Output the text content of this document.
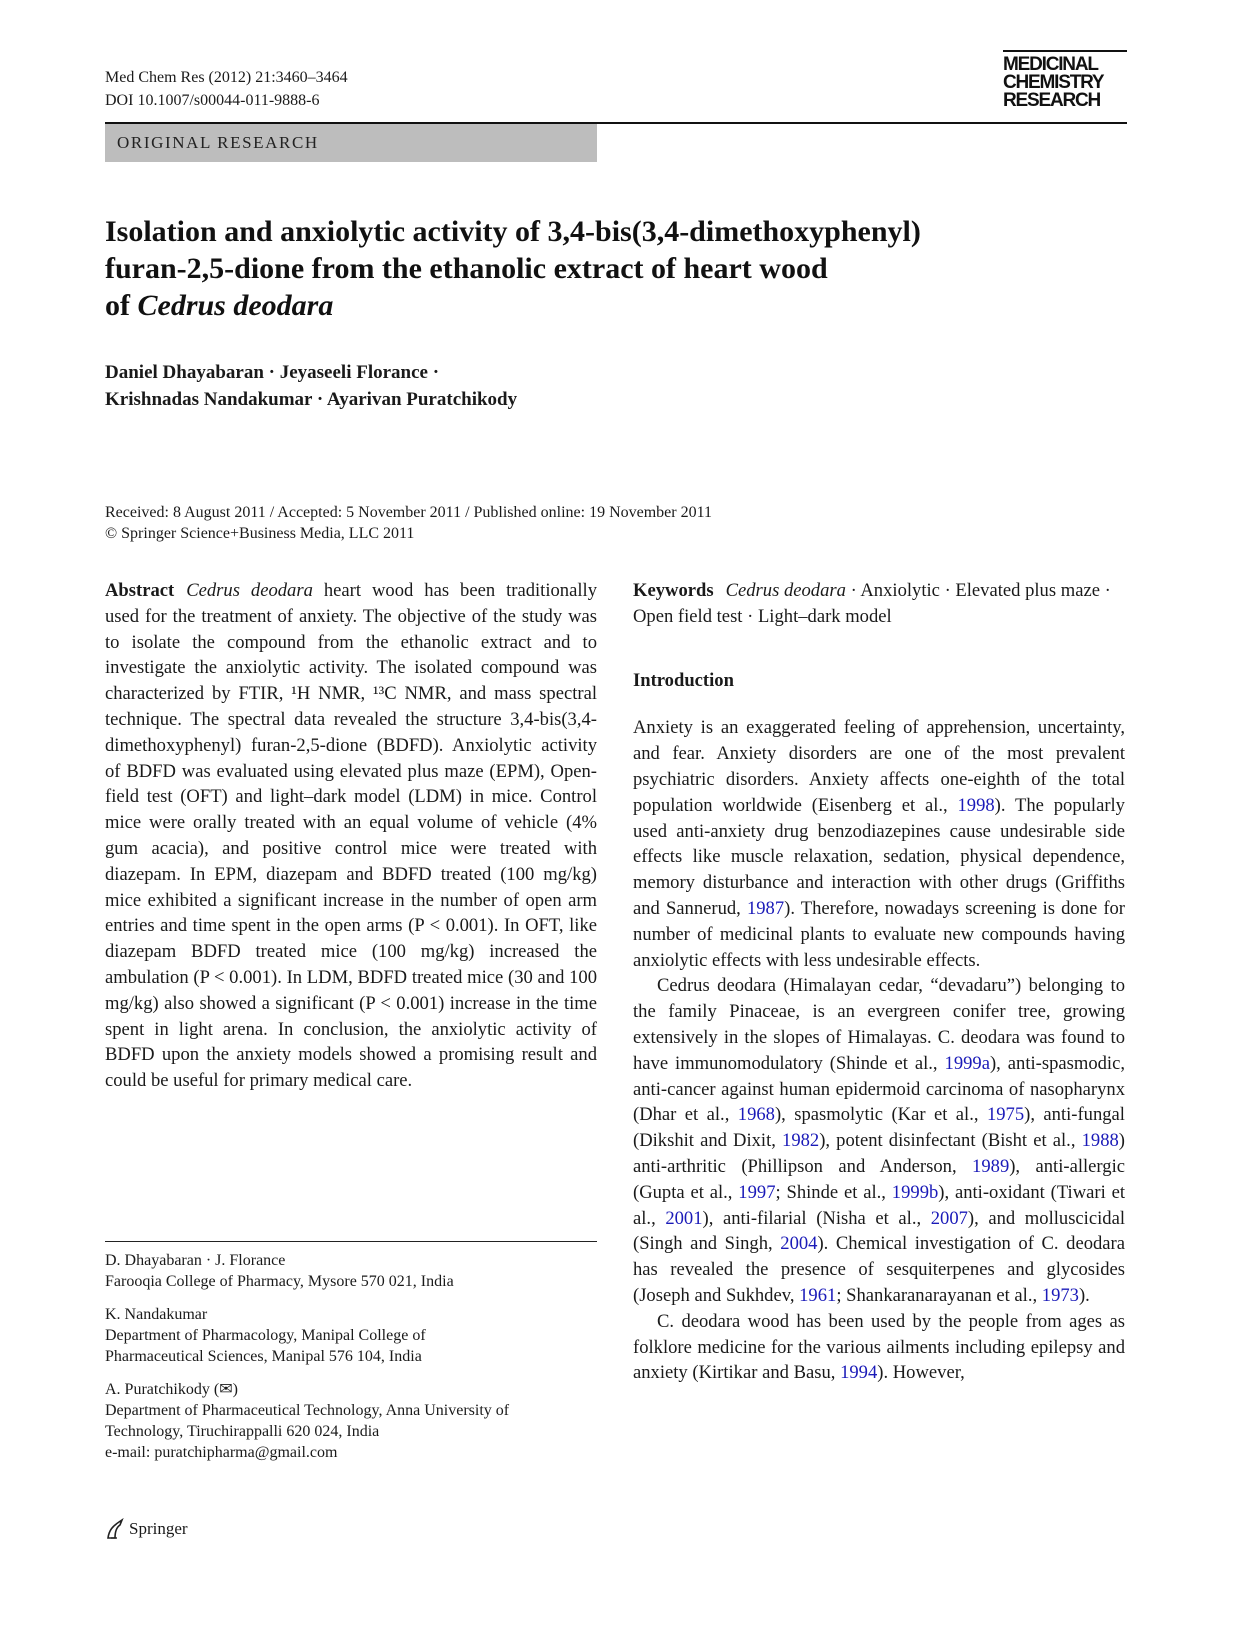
Med Chem Res (2012) 21:3460–3464
DOI 10.1007/s00044-011-9888-6
MEDICINAL
CHEMISTRY
RESEARCH
ORIGINAL RESEARCH
Isolation and anxiolytic activity of 3,4-bis(3,4-dimethoxyphenyl)
furan-2,5-dione from the ethanolic extract of heart wood
of Cedrus deodara
Daniel Dhayabaran · Jeyaseeli Florance ·
Krishnadas Nandakumar · Ayarivan Puratchikody
Received: 8 August 2011 / Accepted: 5 November 2011 / Published online: 19 November 2011
© Springer Science+Business Media, LLC 2011
Abstract Cedrus deodara heart wood has been traditionally used for the treatment of anxiety. The objective of the study was to isolate the compound from the ethanolic extract and to investigate the anxiolytic activity. The isolated compound was characterized by FTIR, ¹H NMR, ¹³C NMR, and mass spectral technique. The spectral data revealed the structure 3,4-bis(3,4-dimethoxyphenyl) furan-2,5-dione (BDFD). Anxiolytic activity of BDFD was evaluated using elevated plus maze (EPM), Open- field test (OFT) and light–dark model (LDM) in mice. Control mice were orally treated with an equal volume of vehicle (4% gum acacia), and positive control mice were treated with diazepam. In EPM, diazepam and BDFD treated (100 mg/kg) mice exhibited a significant increase in the number of open arm entries and time spent in the open arms (P < 0.001). In OFT, like diazepam BDFD treated mice (100 mg/kg) increased the ambulation (P < 0.001). In LDM, BDFD treated mice (30 and 100 mg/kg) also showed a significant (P < 0.001) increase in the time spent in light arena. In conclusion, the anxiolytic activity of BDFD upon the anxiety models showed a promising result and could be useful for primary medical care.
Keywords Cedrus deodara · Anxiolytic · Elevated plus maze · Open field test · Light–dark model
Introduction

Anxiety is an exaggerated feeling of apprehension, uncertainty, and fear. Anxiety disorders are one of the most prevalent psychiatric disorders. Anxiety affects one-eighth of the total population worldwide (Eisenberg et al., 1998). The popularly used anti-anxiety drug benzodiazepines cause undesirable side effects like muscle relaxation, sedation, physical dependence, memory disturbance and interaction with other drugs (Griffiths and Sannerud, 1987). Therefore, nowadays screening is done for number of medicinal plants to evaluate new compounds having anxiolytic effects with less undesirable effects.

Cedrus deodara (Himalayan cedar, “devadaru”) belonging to the family Pinaceae, is an evergreen conifer tree, growing extensively in the slopes of Himalayas. C. deodara was found to have immunomodulatory (Shinde et al., 1999a), anti-spasmodic, anti-cancer against human epidermoid carcinoma of nasopharynx (Dhar et al., 1968), spasmolytic (Kar et al., 1975), anti-fungal (Dikshit and Dixit, 1982), potent disinfectant (Bisht et al., 1988) anti-arthritic (Phillipson and Anderson, 1989), anti-allergic (Gupta et al., 1997; Shinde et al., 1999b), anti-oxidant (Tiwari et al., 2001), anti-filarial (Nisha et al., 2007), and molluscicidal (Singh and Singh, 2004). Chemical investigation of C. deodara has revealed the presence of sesquiterpenes and glycosides (Joseph and Sukhdev, 1961; Shankaranarayanan et al., 1973).

C. deodara wood has been used by the people from ages as folklore medicine for the various ailments including epilepsy and anxiety (Kirtikar and Basu, 1994). However,

D. Dhayabaran · J. Florance

Farooqia College of Pharmacy, Mysore 570 021, India

K. Nandakumar

Department of Pharmacology, Manipal College of

Pharmaceutical Sciences, Manipal 576 104, India

A. Puratchikody (✉)

Department of Pharmaceutical Technology, Anna University of

Technology, Tiruchirappalli 620 024, India

e-mail: puratchipharma@gmail.com

Springer
